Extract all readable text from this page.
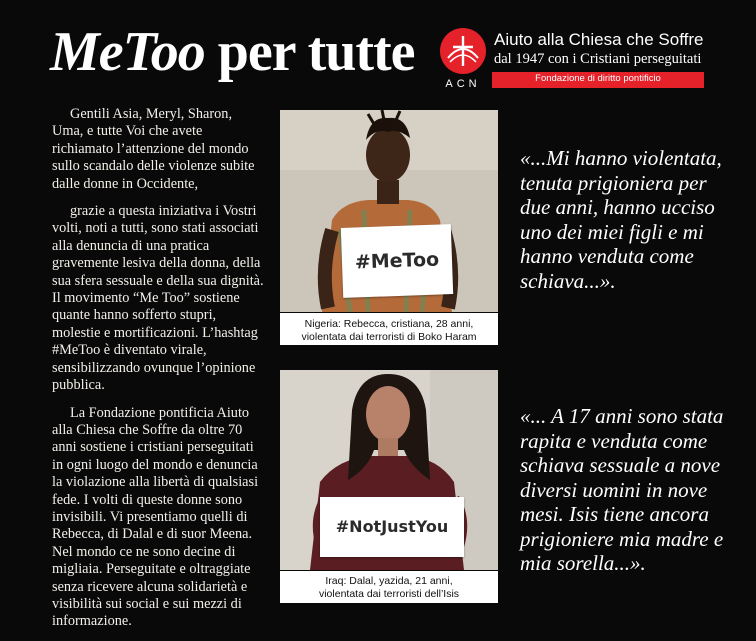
MeToo per tutte
ACN
Aiuto alla Chiesa che Soffre
dal 1947 con i Cristiani perseguitati
Fondazione di diritto pontificio

Gentili Asia, Meryl, Sharon, Uma, e tutte Voi che avete richiamato l’attenzione del mondo sullo scandalo delle violenze subite dalle donne in Occidente,

grazie a questa iniziativa i Vostri volti, noti a tutti, sono stati associati alla denuncia di una pratica gravemente lesiva della donna, della sua sfera sessuale e della sua dignità. Il movimento “Me Too” sostiene quante hanno sofferto stupri, molestie e mortificazioni. L’hashtag #MeToo è diventato virale, sensibilizzando ovunque l’opinione pubblica.

La Fondazione pontificia Aiuto alla Chiesa che Soffre da oltre 70 anni sostiene i cristiani perseguitati in ogni luogo del mondo e denuncia la violazione alla libertà di qualsiasi fede. I volti di queste donne sono invisibili. Vi presentiamo quelli di Rebecca, di Dalal e di suor Meena. Nel mondo ce ne sono decine di migliaia. Perseguitate e oltraggiate senza ricevere alcuna solidarietà e visibilità sui social e sui mezzi di informazione.

#MeToo
Nigeria: Rebecca, cristiana, 28 anni,
violentata dai terroristi di Boko Haram
#NotJustYou
Iraq: Dalal, yazida, 21 anni,
violentata dai terroristi dell’Isis
«...Mi hanno violentata, tenuta prigioniera per due anni, hanno ucciso uno dei miei figli e mi hanno venduta come schiava...».
«... A 17 anni sono stata rapita e venduta come schiava sessuale a nove diversi uomini in nove mesi. Isis tiene ancora prigioniere mia madre e mia sorella...».
